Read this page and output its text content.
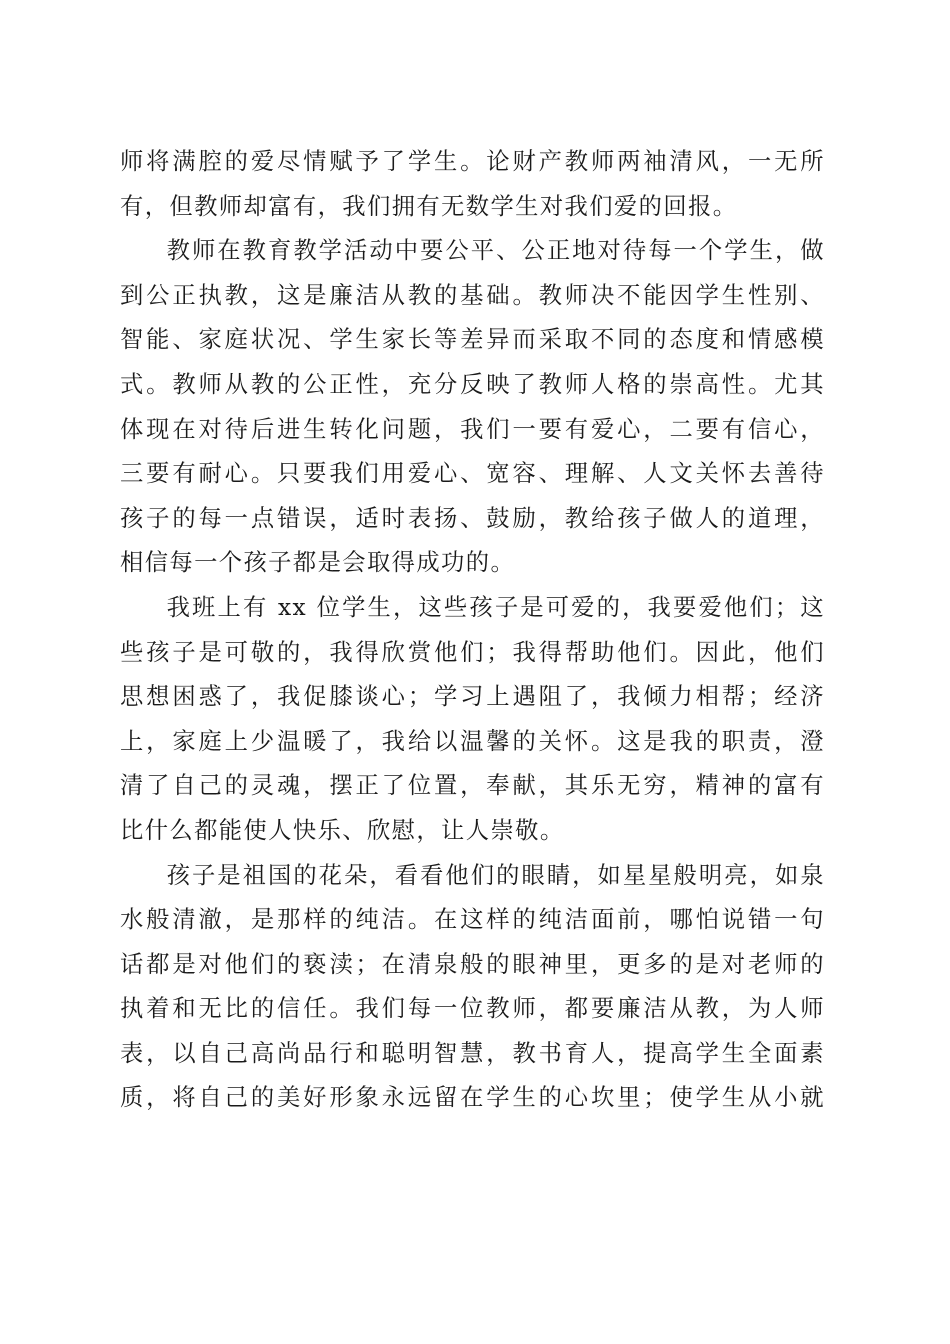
师将满腔的爱尽情赋予了学生。论财产教师两袖清风，一无所
有，但教师却富有，我们拥有无数学生对我们爱的回报。

教师在教育教学活动中要公平、公正地对待每一个学生，做
到公正执教，这是廉洁从教的基础。教师决不能因学生性别、
智能、家庭状况、学生家长等差异而采取不同的态度和情感模
式。教师从教的公正性，充分反映了教师人格的崇高性。尤其
体现在对待后进生转化问题，我们一要有爱心，二要有信心，
三要有耐心。只要我们用爱心、宽容、理解、人文关怀去善待
孩子的每一点错误，适时表扬、鼓励，教给孩子做人的道理，
相信每一个孩子都是会取得成功的。

我班上有 xx 位学生，这些孩子是可爱的，我要爱他们；这
些孩子是可敬的，我得欣赏他们；我得帮助他们。因此，他们
思想困惑了，我促膝谈心；学习上遇阻了，我倾力相帮；经济
上，家庭上少温暖了，我给以温馨的关怀。这是我的职责，澄
清了自己的灵魂，摆正了位置，奉献，其乐无穷，精神的富有
比什么都能使人快乐、欣慰，让人崇敬。

孩子是祖国的花朵，看看他们的眼睛，如星星般明亮，如泉
水般清澈，是那样的纯洁。在这样的纯洁面前，哪怕说错一句
话都是对他们的亵渎；在清泉般的眼神里，更多的是对老师的
执着和无比的信任。我们每一位教师，都要廉洁从教，为人师
表，以自己高尚品行和聪明智慧，教书育人，提高学生全面素
质，将自己的美好形象永远留在学生的心坎里；使学生从小就
